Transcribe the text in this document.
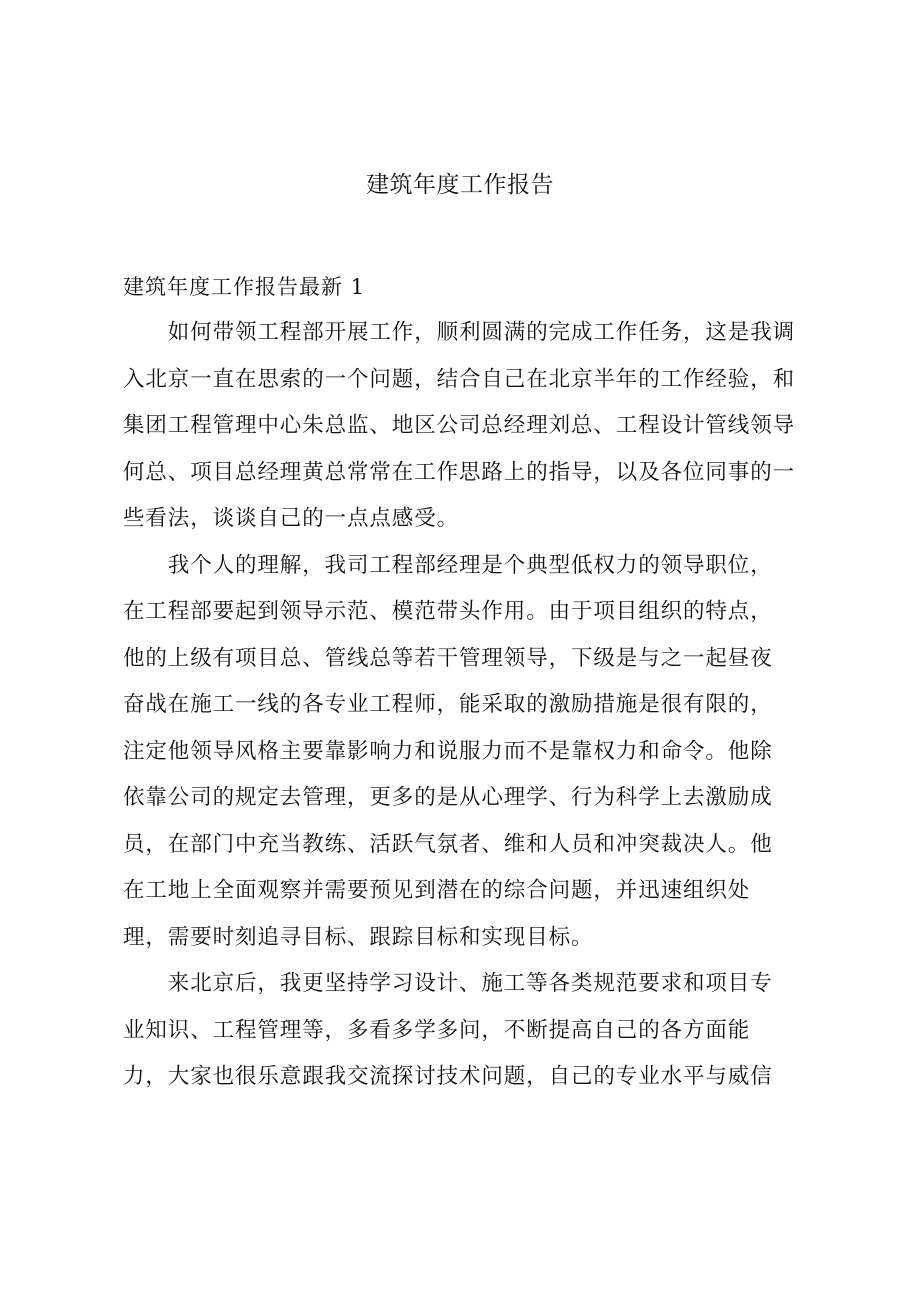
建筑年度工作报告
建筑年度工作报告最新 1
　　如何带领工程部开展工作，顺利圆满的完成工作任务，这是我调
入北京一直在思索的一个问题，结合自己在北京半年的工作经验，和
集团工程管理中心朱总监、地区公司总经理刘总、工程设计管线领导
何总、项目总经理黄总常常在工作思路上的指导，以及各位同事的一
些看法，谈谈自己的一点点感受。
　　我个人的理解，我司工程部经理是个典型低权力的领导职位，
在工程部要起到领导示范、模范带头作用。由于项目组织的特点，
他的上级有项目总、管线总等若干管理领导，下级是与之一起昼夜
奋战在施工一线的各专业工程师，能采取的激励措施是很有限的，
注定他领导风格主要靠影响力和说服力而不是靠权力和命令。他除
依靠公司的规定去管理，更多的是从心理学、行为科学上去激励成
员，在部门中充当教练、活跃气氛者、维和人员和冲突裁决人。他
在工地上全面观察并需要预见到潜在的综合问题，并迅速组织处
理，需要时刻追寻目标、跟踪目标和实现目标。
　　来北京后，我更坚持学习设计、施工等各类规范要求和项目专
业知识、工程管理等，多看多学多问，不断提高自己的各方面能
力，大家也很乐意跟我交流探讨技术问题，自己的专业水平与威信
